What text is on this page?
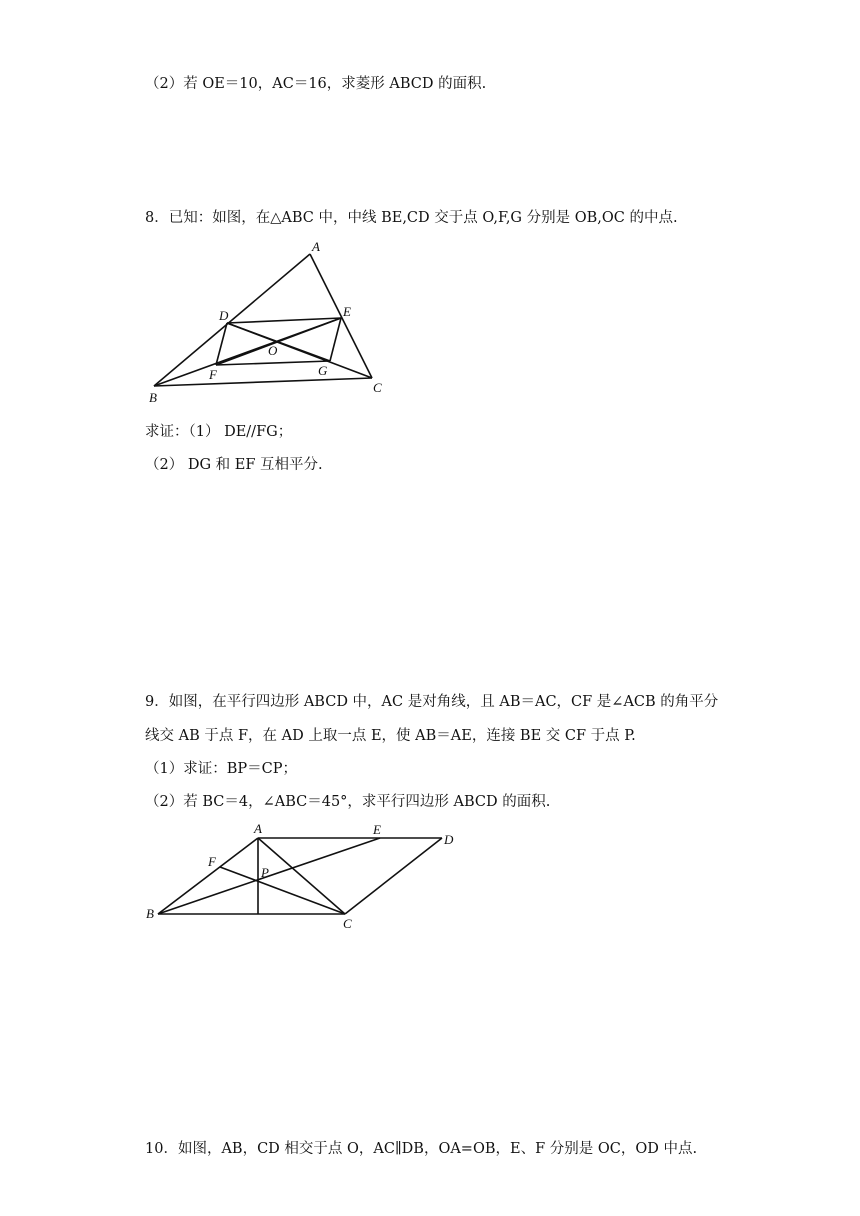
（2）若 OE＝10，AC＝16，求菱形 ABCD 的面积.
8．已知：如图，在△ABC 中，中线 BE,CD 交于点 O,F,G 分别是 OB,OC 的中点.
A
B
C
D	E
F	G
O
求证：（1） DE//FG；
（2） DG 和 EF 互相平分.
9．如图，在平行四边形 ABCD 中，AC 是对角线，且 AB＝AC，CF 是∠ACB 的角平分
线交 AB 于点 F，在 AD 上取一点 E，使 AB＝AE，连接 BE 交 CF 于点 P.
（1）求证：BP＝CP；
（2）若 BC＝4，∠ABC＝45°，求平行四边形 ABCD 的面积.
A
B
C
D
E
F
P
10．如图，AB，CD 相交于点 O，AC∥DB，OA=OB，E、F 分别是 OC，OD 中点.
